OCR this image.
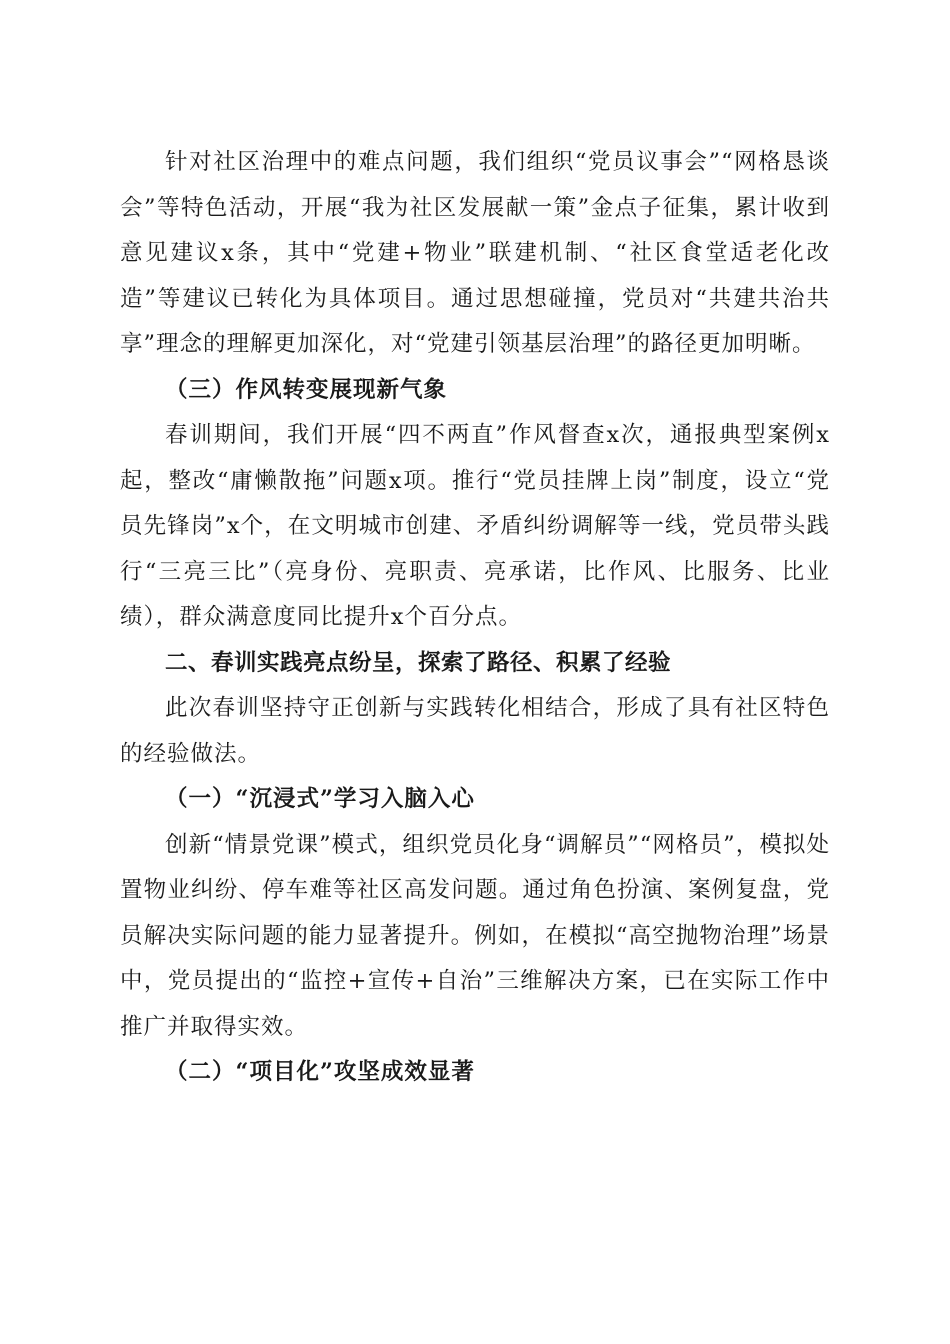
针对社区治理中的难点问题，我们组织“党员议事会”“网格恳谈会”等特色活动，开展“我为社区发展献一策”金点子征集，累计收到意见建议x条，其中“党建+物业”联建机制、“社区食堂适老化改造”等建议已转化为具体项目。通过思想碰撞，党员对“共建共治共享”理念的理解更加深化，对“党建引领基层治理”的路径更加明晰。

（三）作风转变展现新气象

春训期间，我们开展“四不两直”作风督查x次，通报典型案例x起，整改“庸懒散拖”问题x项。推行“党员挂牌上岗”制度，设立“党员先锋岗”x个，在文明城市创建、矛盾纠纷调解等一线，党员带头践行“三亮三比”（亮身份、亮职责、亮承诺，比作风、比服务、比业绩），群众满意度同比提升x个百分点。

二、春训实践亮点纷呈，探索了路径、积累了经验

此次春训坚持守正创新与实践转化相结合，形成了具有社区特色的经验做法。

（一）“沉浸式”学习入脑入心

创新“情景党课”模式，组织党员化身“调解员”“网格员”，模拟处置物业纠纷、停车难等社区高发问题。通过角色扮演、案例复盘，党员解决实际问题的能力显著提升。例如，在模拟“高空抛物治理”场景中，党员提出的“监控+宣传+自治”三维解决方案，已在实际工作中推广并取得实效。

（二）“项目化”攻坚成效显著
